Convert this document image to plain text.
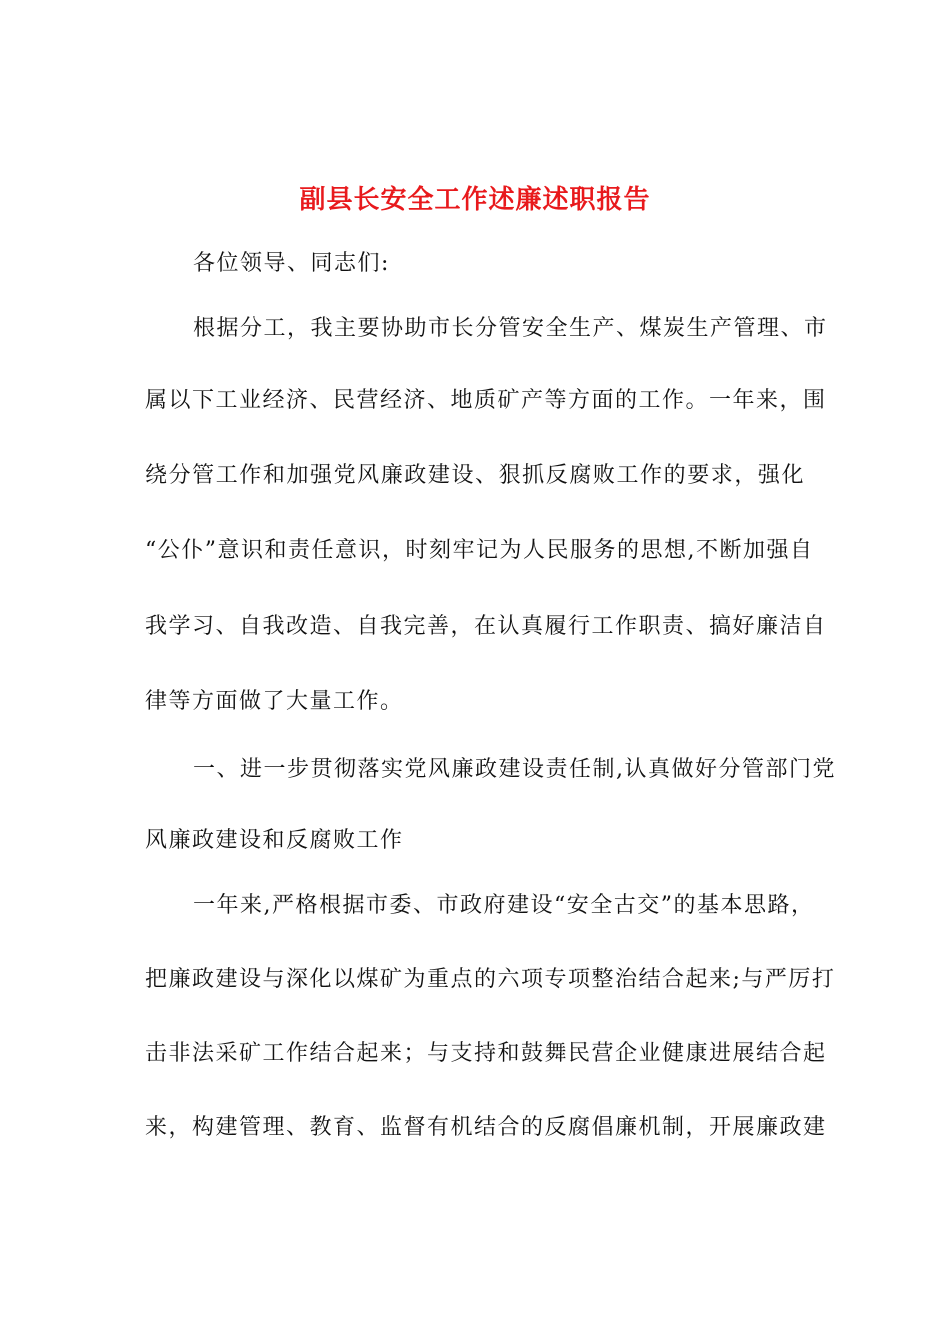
副县长安全工作述廉述职报告
各位领导、同志们:
根据分工，我主要协助市长分管安全生产、煤炭生产管理、市
属以下工业经济、民营经济、地质矿产等方面的工作。一年来，围
绕分管工作和加强党风廉政建设、狠抓反腐败工作的要求，强化
“公仆”意识和责任意识，时刻牢记为人民服务的思想,不断加强自
我学习、自我改造、自我完善，在认真履行工作职责、搞好廉洁自
律等方面做了大量工作。
一、进一步贯彻落实党风廉政建设责任制,认真做好分管部门党
风廉政建设和反腐败工作
一年来,严格根据市委、市政府建设“安全古交”的基本思路，
把廉政建设与深化以煤矿为重点的六项专项整治结合起来;与严厉打
击非法采矿工作结合起来；与支持和鼓舞民营企业健康进展结合起
来，构建管理、教育、监督有机结合的反腐倡廉机制，开展廉政建
